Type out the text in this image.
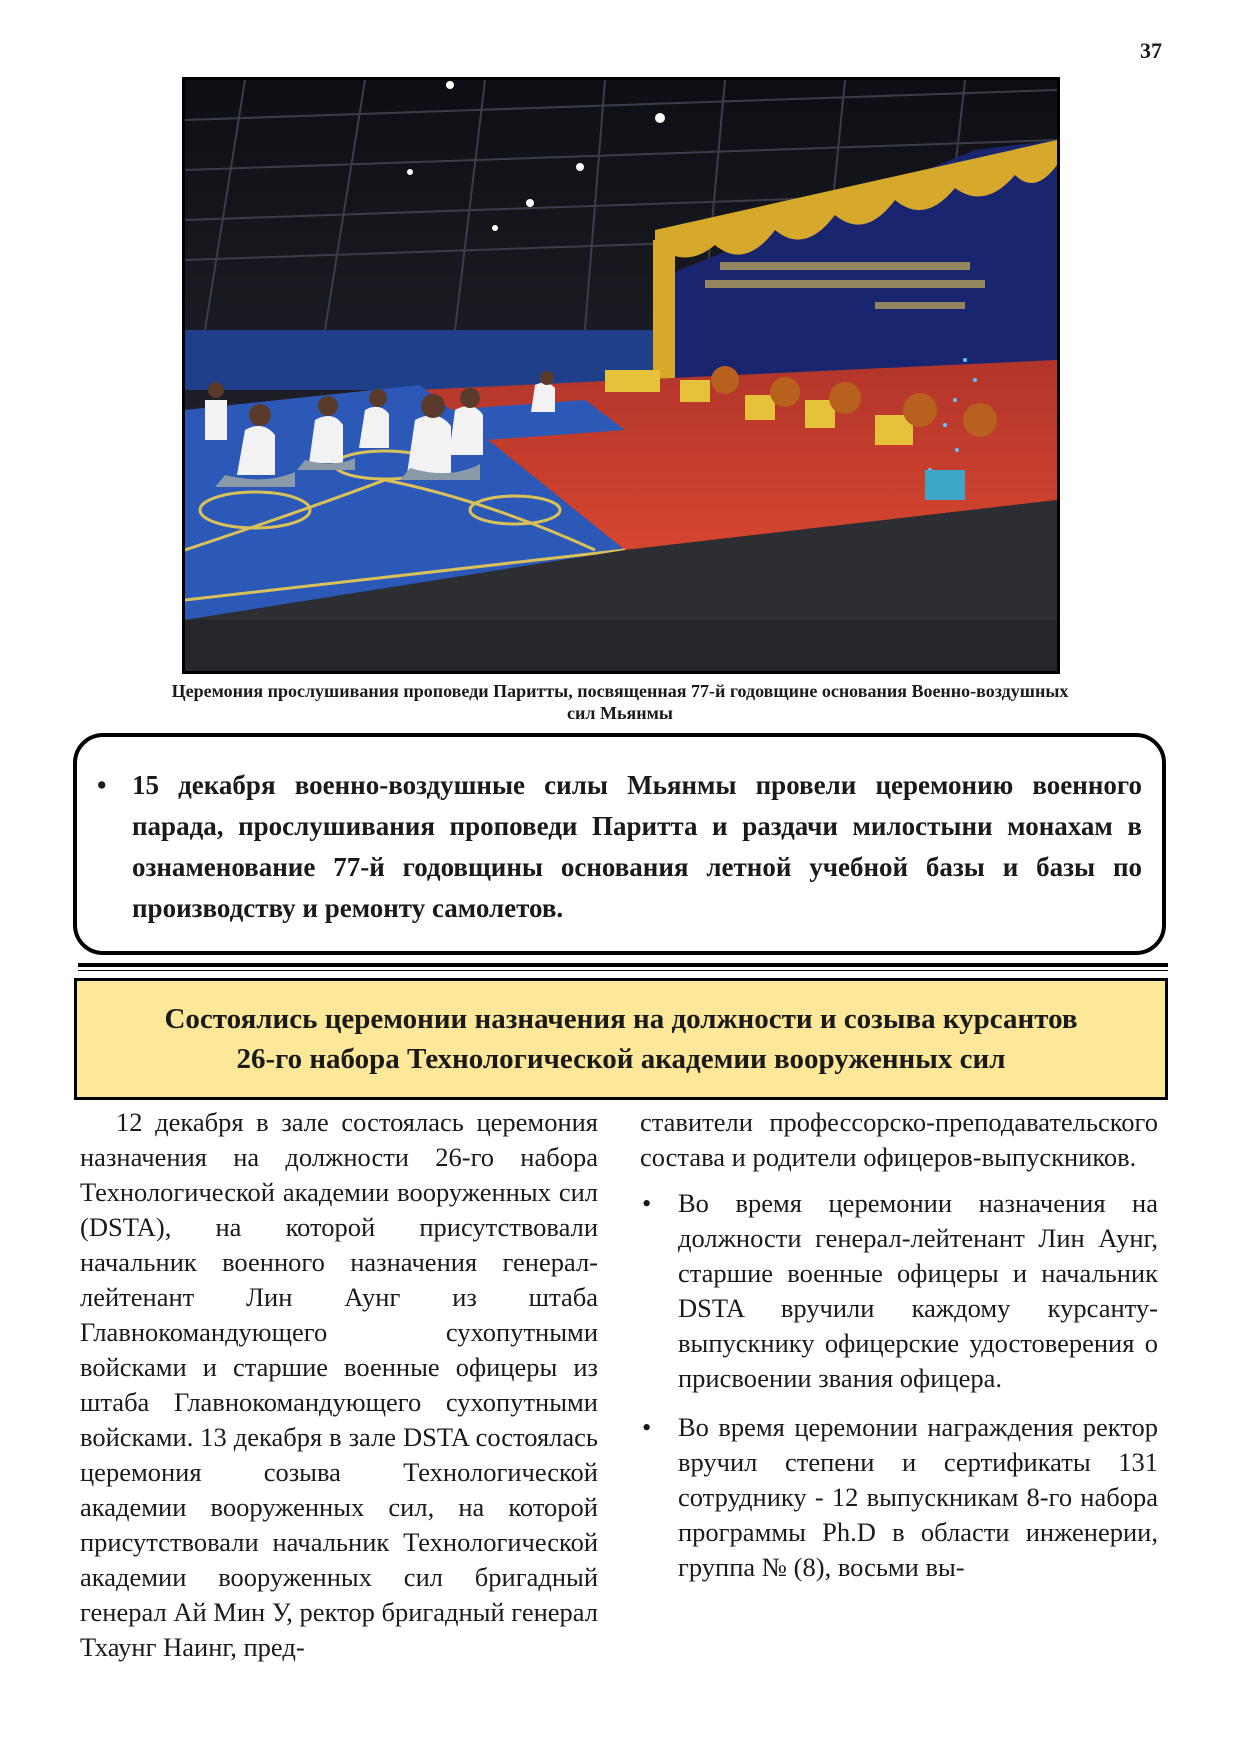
37
Церемония прослушивания проповеди Паритты, посвященная 77-й годовщине основания Военно-воздушных
сил Мьянмы
• 15 декабря военно-воздушные силы Мьянмы провели церемонию военного парада, прослушивания проповеди Паритта и раздачи милостыни монахам в ознаменование 77-й годовщины основания летной учебной базы и базы по производству и ремонту самолетов.
Состоялись церемонии назначения на должности и созыва курсантов
26-го набора Технологической академии вооруженных сил

12 декабря в зале состоялась церемония назначения на должности 26-го набора Технологической академии вооруженных сил (DSTA), на которой присутствовали начальник военного назначения генерал-лейтенант Лин Аунг из штаба Главнокомандующего сухопутными войсками и старшие военные офицеры из штаба Главнокомандующего сухопутными войсками. 13 декабря в зале DSTA состоялась церемония созыва Технологической академии вооруженных сил, на которой присутствовали начальник Технологической академии вооруженных сил бригадный генерал Ай Мин У, ректор бригадный генерал Тхаунг Наинг, пред-

ставители профессорско-преподавательского состава и родители офицеров-выпускников.

• Во время церемонии назначения на должности генерал-лейтенант Лин Аунг, старшие военные офицеры и начальник DSTA вручили каждому курсанту-выпускнику офицерские удостоверения о присвоении звания офицера.
• Во время церемонии награждения ректор вручил степени и сертификаты 131 сотруднику - 12 выпускникам 8-го набора программы Ph.D в области инженерии, группа № (8), восьми вы-
